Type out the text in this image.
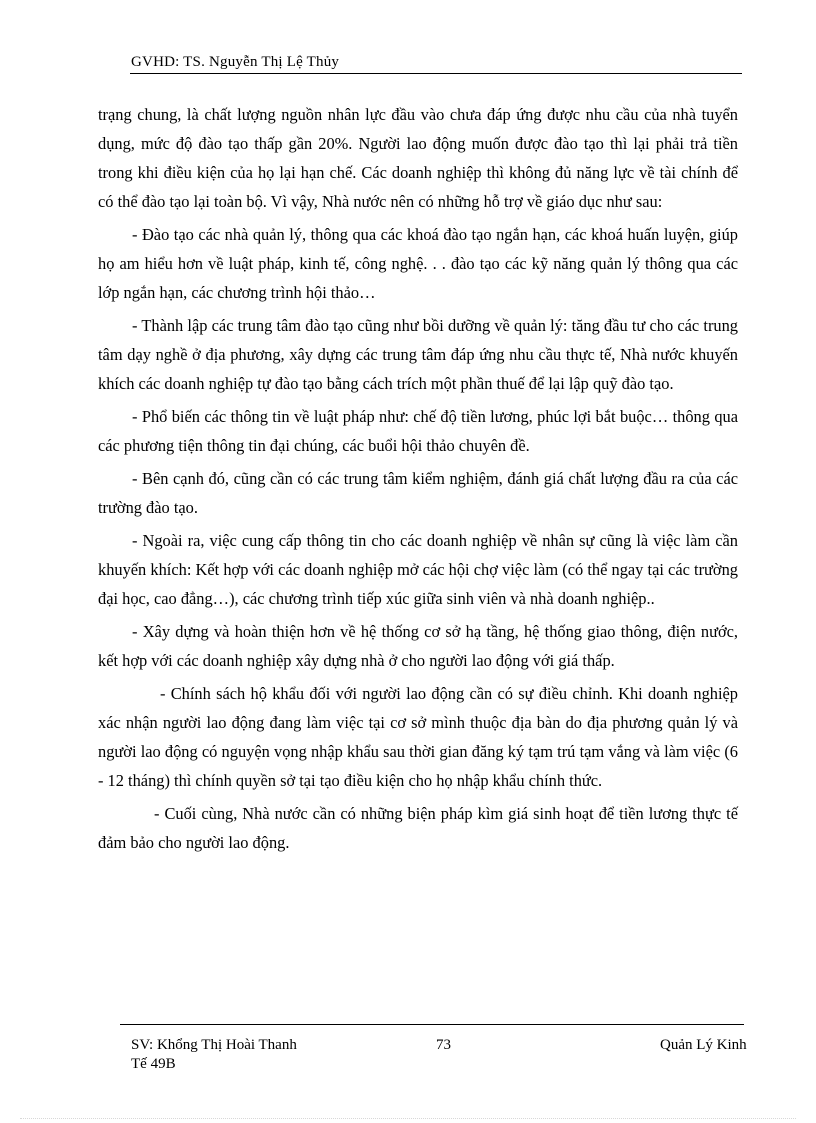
GVHD: TS. Nguyễn Thị Lệ Thủy

trạng chung, là chất lượng nguồn nhân lực đầu vào chưa đáp ứng được nhu cầu của nhà tuyển dụng, mức độ đào tạo thấp gần 20%. Người lao động muốn được đào tạo thì lại phải trả tiền trong khi điều kiện của họ lại hạn chế. Các doanh nghiệp thì không đủ năng lực về tài chính để có thể đào tạo lại toàn bộ. Vì vậy, Nhà nước nên có những hỗ trợ về giáo dục như sau:

- Đào tạo các nhà quản lý, thông qua các khoá đào tạo ngắn hạn, các khoá huấn luyện, giúp họ am hiểu hơn về luật pháp, kinh tế, công nghệ. . . đào tạo các kỹ năng quản lý thông qua các lớp ngắn hạn, các chương trình hội thảo…

- Thành lập các trung tâm đào tạo cũng như bồi dưỡng về quản lý: tăng đầu tư cho các trung tâm dạy nghề ở địa phương, xây dựng các trung tâm đáp ứng nhu cầu thực tế, Nhà nước khuyến khích các doanh nghiệp tự đào tạo bằng cách trích một phần thuế để lại lập quỹ đào tạo.

- Phổ biến các thông tin về luật pháp như: chế độ tiền lương, phúc lợi bắt buộc… thông qua các phương tiện thông tin đại chúng, các buổi hội thảo chuyên đề.

- Bên cạnh đó, cũng cần có các trung tâm kiểm nghiệm, đánh giá chất lượng đầu ra của các trường đào tạo.

- Ngoài ra, việc cung cấp thông tin cho các doanh nghiệp về nhân sự cũng là việc làm cần khuyến khích: Kết hợp với các doanh nghiệp mở các hội chợ việc làm (có thể ngay tại các trường đại học, cao đẳng…), các chương trình tiếp xúc giữa sinh viên và nhà doanh nghiệp..

- Xây dựng và hoàn thiện hơn về hệ thống cơ sở hạ tầng, hệ thống giao thông, điện nước, kết hợp với các doanh nghiệp xây dựng nhà ở cho người lao động với giá thấp.

- Chính sách hộ khẩu đối với người lao động cần có sự điều chỉnh. Khi doanh nghiệp xác nhận người lao động đang làm việc tại cơ sở mình thuộc địa bàn do địa phương quản lý và người lao động có nguyện vọng nhập khẩu sau thời gian đăng ký tạm trú tạm vắng và làm việc (6 - 12 tháng) thì chính quyền sở tại tạo điều kiện cho họ nhập khẩu chính thức.

- Cuối cùng, Nhà nước cần có những biện pháp kìm giá sinh hoạt để tiền lương thực tế đảm bảo cho người lao động.

SV: Khổng Thị Hoài Thanh
Tế 49B
73	Quản Lý Kinh
